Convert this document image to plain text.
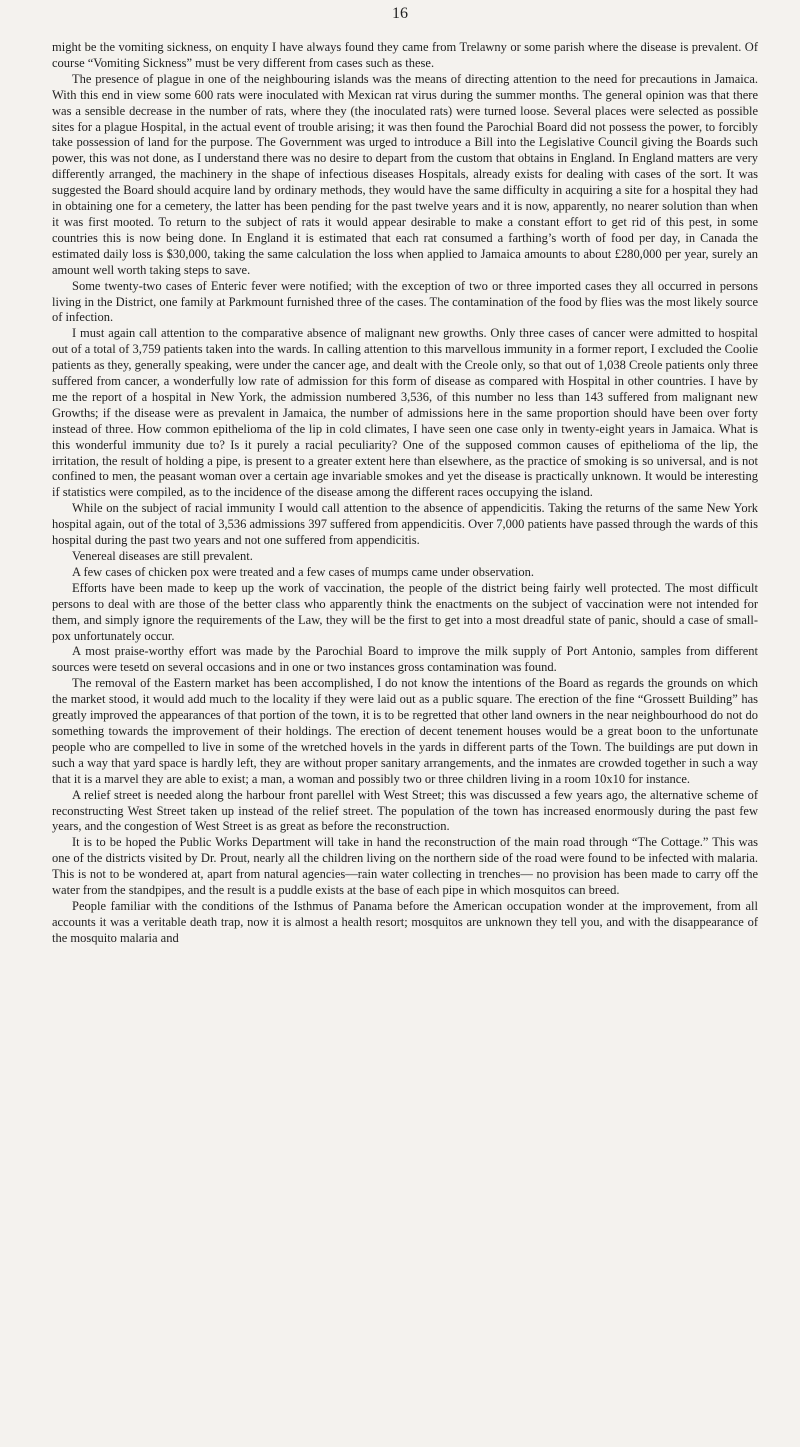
16

might be the vomiting sickness, on enquity I have always found they came from Trelawny or some parish where the disease is prevalent. Of course “Vomiting Sickness” must be very different from cases such as these.

The presence of plague in one of the neighbouring islands was the means of directing attention to the need for precautions in Jamaica. With this end in view some 600 rats were inoculated with Mexican rat virus during the summer months. The general opinion was that there was a sensible decrease in the number of rats, where they (the inoculated rats) were turned loose. Several places were selected as possible sites for a plague Hospital, in the actual event of trouble arising; it was then found the Parochial Board did not possess the power, to forcibly take possession of land for the purpose. The Government was urged to introduce a Bill into the Legislative Council giving the Boards such power, this was not done, as I understand there was no desire to depart from the custom that obtains in England. In England matters are very differently arranged, the machinery in the shape of infectious diseases Hospitals, already exists for dealing with cases of the sort. It was suggested the Board should acquire land by ordinary methods, they would have the same difficulty in acquiring a site for a hospital they had in obtaining one for a cemetery, the latter has been pending for the past twelve years and it is now, apparently, no nearer solution than when it was first mooted. To return to the subject of rats it would appear desirable to make a constant effort to get rid of this pest, in some countries this is now being done. In England it is estimated that each rat consumed a farthing’s worth of food per day, in Canada the estimated daily loss is $30,000, taking the same calculation the loss when applied to Jamaica amounts to about £280,000 per year, surely an amount well worth taking steps to save.

Some twenty-two cases of Enteric fever were notified; with the exception of two or three imported cases they all occurred in persons living in the District, one family at Parkmount furnished three of the cases. The contamination of the food by flies was the most likely source of infection.

I must again call attention to the comparative absence of malignant new growths. Only three cases of cancer were admitted to hospital out of a total of 3,759 patients taken into the wards. In calling attention to this marvellous immunity in a former report, I excluded the Coolie patients as they, generally speaking, were under the cancer age, and dealt with the Creole only, so that out of 1,038 Creole patients only three suffered from cancer, a wonderfully low rate of admission for this form of disease as compared with Hospital in other countries. I have by me the report of a hospital in New York, the admission numbered 3,536, of this number no less than 143 suffered from malignant new Growths; if the disease were as prevalent in Jamaica, the number of admissions here in the same proportion should have been over forty instead of three. How common epithelioma of the lip in cold climates, I have seen one case only in twenty-eight years in Jamaica. What is this wonderful immunity due to? Is it purely a racial peculiarity? One of the supposed common causes of epithelioma of the lip, the irritation, the result of holding a pipe, is present to a greater extent here than elsewhere, as the practice of smoking is so universal, and is not confined to men, the peasant woman over a certain age invariable smokes and yet the disease is practically unknown. It would be interesting if statistics were compiled, as to the incidence of the disease among the different races occupying the island.

While on the subject of racial immunity I would call attention to the absence of appendicitis. Taking the returns of the same New York hospital again, out of the total of 3,536 admissions 397 suffered from appendicitis. Over 7,000 patients have passed through the wards of this hospital during the past two years and not one suffered from appendicitis.

Venereal diseases are still prevalent.

A few cases of chicken pox were treated and a few cases of mumps came under observation.

Efforts have been made to keep up the work of vaccination, the people of the district being fairly well protected. The most difficult persons to deal with are those of the better class who apparently think the enactments on the subject of vaccination were not intended for them, and simply ignore the requirements of the Law, they will be the first to get into a most dreadful state of panic, should a case of small-pox unfortunately occur.

A most praise-worthy effort was made by the Parochial Board to improve the milk supply of Port Antonio, samples from different sources were tesetd on several occasions and in one or two instances gross contamination was found.

The removal of the Eastern market has been accomplished, I do not know the intentions of the Board as regards the grounds on which the market stood, it would add much to the locality if they were laid out as a public square. The erection of the fine “Grossett Building” has greatly improved the appearances of that portion of the town, it is to be regretted that other land owners in the near neighbourhood do not do something towards the improvement of their holdings. The erection of decent tenement houses would be a great boon to the unfortunate people who are compelled to live in some of the wretched hovels in the yards in different parts of the Town. The buildings are put down in such a way that yard space is hardly left, they are without proper sanitary arrangements, and the inmates are crowded together in such a way that it is a marvel they are able to exist; a man, a woman and possibly two or three children living in a room 10x10 for instance.

A relief street is needed along the harbour front parellel with West Street; this was discussed a few years ago, the alternative scheme of reconstructing West Street taken up instead of the relief street. The population of the town has increased enormously during the past few years, and the congestion of West Street is as great as before the reconstruction.

It is to be hoped the Public Works Department will take in hand the reconstruction of the main road through “The Cottage.” This was one of the districts visited by Dr. Prout, nearly all the children living on the northern side of the road were found to be infected with malaria. This is not to be wondered at, apart from natural agencies—rain water collecting in trenches— no provision has been made to carry off the water from the standpipes, and the result is a puddle exists at the base of each pipe in which mosquitos can breed.

People familiar with the conditions of the Isthmus of Panama before the American occupation wonder at the improvement, from all accounts it was a veritable death trap, now it is almost a health resort; mosquitos are unknown they tell you, and with the disappearance of the mosquito malaria and
